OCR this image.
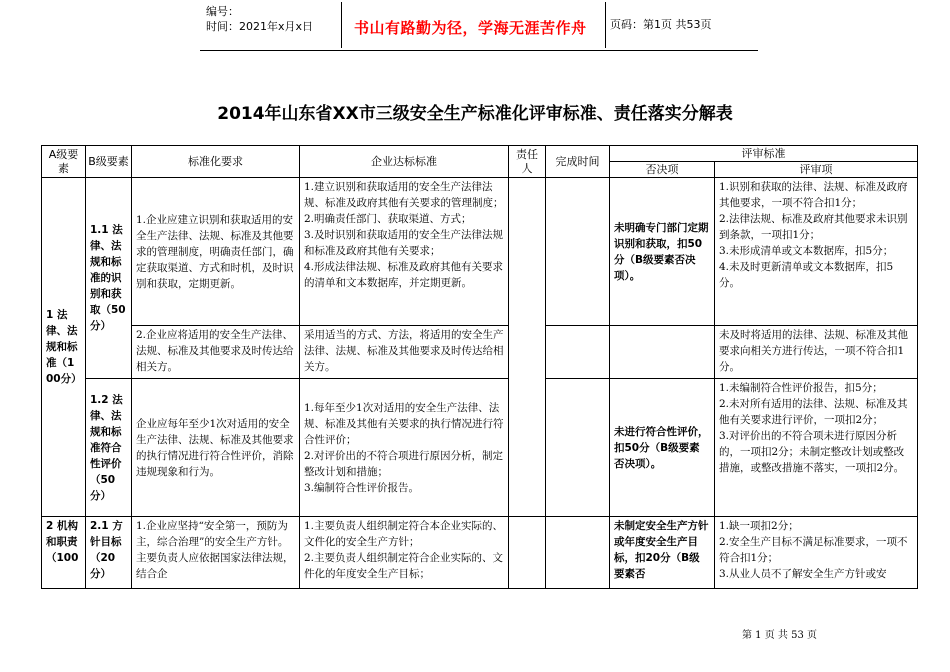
编号：
时间：2021年x月x日	书山有路勤为径，学海无涯苦作舟	页码：第1页 共53页
2014年山东省XX市三级安全生产标准化评审标准、责任落实分解表
A级要素	B级要素	标准化要求	企业达标标准	责任人	完成时间	评审标准	
						否决项	评审项
1 法律、法规和标准（100分）	1.1 法律、法规和标准的识别和获取（50分）	1.企业应建立识别和获取适用的安全生产法律、法规、标准及其他要求的管理制度，明确责任部门，确定获取渠道、方式和时机，及时识别和获取，定期更新。	1.建立识别和获取适用的安全生产法律法规、标准及政府其他有关要求的管理制度；
2.明确责任部门、获取渠道、方式；
3.及时识别和获取适用的安全生产法律法规和标准及政府其他有关要求；
4.形成法律法规、标准及政府其他有关要求的清单和文本数据库，并定期更新。			未明确专门部门定期识别和获取，扣50分（B级要素否决项）。	1.识别和获取的法律、法规、标准及政府其他要求，一项不符合扣1分；
2.法律法规、标准及政府其他要求未识别到条款，一项扣1分；
3.未形成清单或文本数据库，扣5分；
4.未及时更新清单或文本数据库，扣5分。

		2.企业应将适用的安全生产法律、法规、标准及其他要求及时传达给相关方。	采用适当的方式、方法，将适用的安全生产法律、法规、标准及其他要求及时传达给相关方。				未及时将适用的法律、法规、标准及其他要求向相关方进行传达，一项不符合扣1分。
	1.2 法律、法规和标准符合性评价（50分）	企业应每年至少1次对适用的安全生产法律、法规、标准及其他要求的执行情况进行符合性评价，消除违规现象和行为。	1.每年至少1次对适用的安全生产法律、法规、标准及其他有关要求的执行情况进行符合性评价；
2.对评价出的不符合项进行原因分析，制定整改计划和措施；
3.编制符合性评价报告。			未进行符合性评价，扣50分（B级要素否决项）。	1.未编制符合性评价报告，扣5分；
2.未对所有适用的法律、法规、标准及其他有关要求进行评价，一项扣2分；
3.对评价出的不符合项未进行原因分析的，一项扣2分；未制定整改计划或整改措施，或整改措施不落实，一项扣2分。

2 机构和职责（100	2.1 方针目标（20分）	1.企业应坚持“安全第一，预防为主，综合治理”的安全生产方针。主要负责人应依据国家法律法规，结合企	1.主要负责人组织制定符合本企业实际的、文件化的安全生产方针；
2.主要负责人组织制定符合企业实际的、文件化的年度安全生产目标；			未制定安全生产方针或年度安全生产目标，扣20分（B级要素否	1.缺一项扣2分；
2.安全生产目标不满足标准要求，一项不符合扣1分；
3.从业人员不了解安全生产方针或安
第 1 页 共 53 页
